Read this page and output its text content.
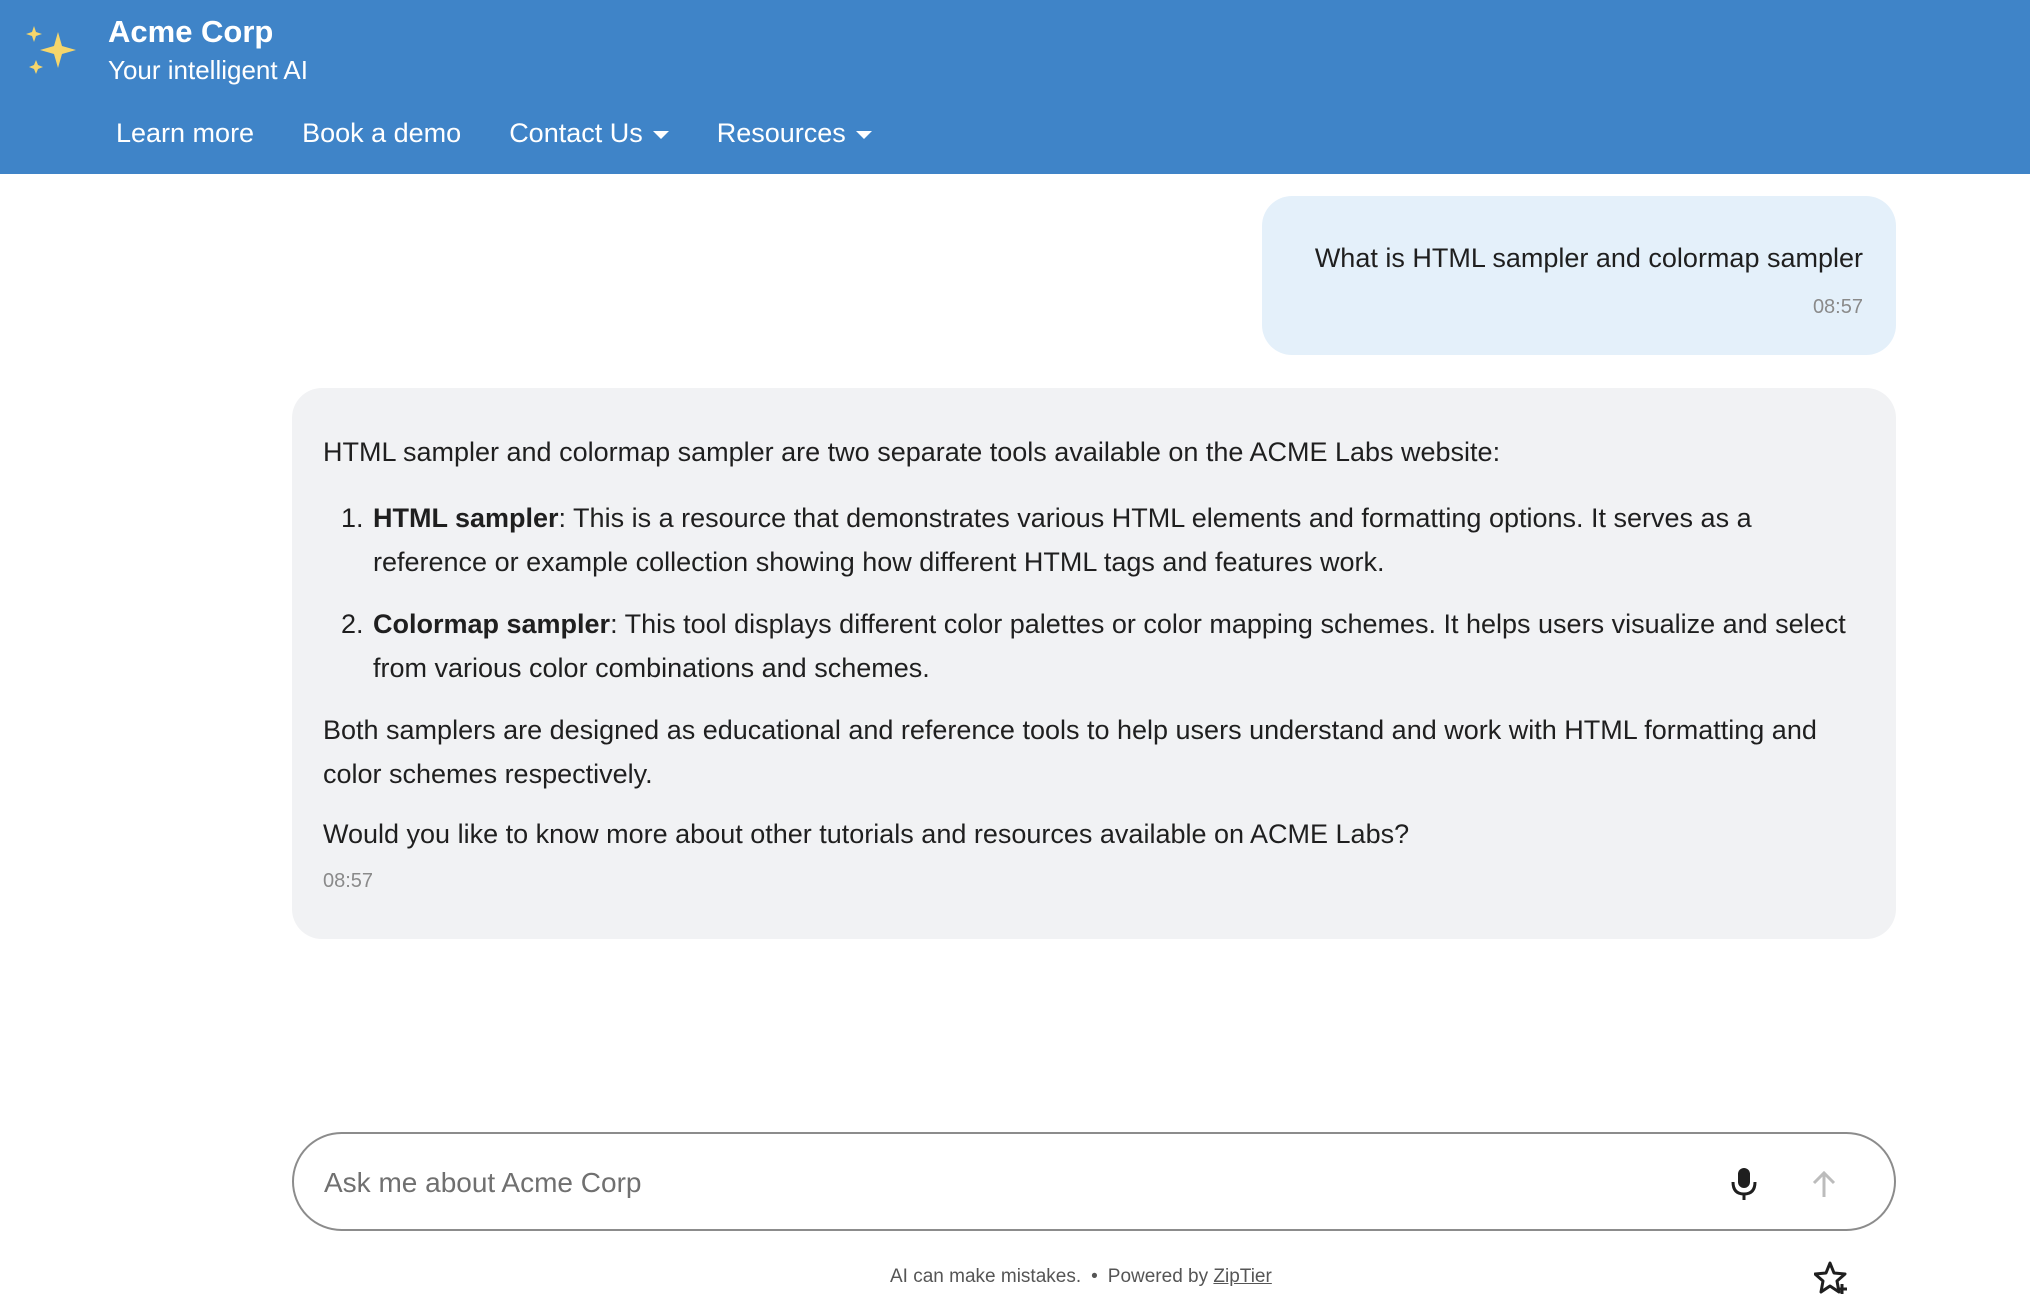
Acme Corp
Your intelligent AI
Learn more Book a demo Contact Us	Resources
What is HTML sampler and colormap sampler
08:57

HTML sampler and colormap sampler are two separate tools available on the ACME Labs website:

1. HTML sampler: This is a resource that demonstrates various HTML elements and formatting options. It serves as a reference or example collection showing how different HTML tags and features work.
2. Colormap sampler: This tool displays different color palettes or color mapping schemes. It helps users visualize and select from various color combinations and schemes.

Both samplers are designed as educational and reference tools to help users understand and work with HTML formatting and color schemes respectively.

Would you like to know more about other tutorials and resources available on ACME Labs?

08:57
Ask me about Acme Corp
AI can make mistakes. • Powered by ZipTier
